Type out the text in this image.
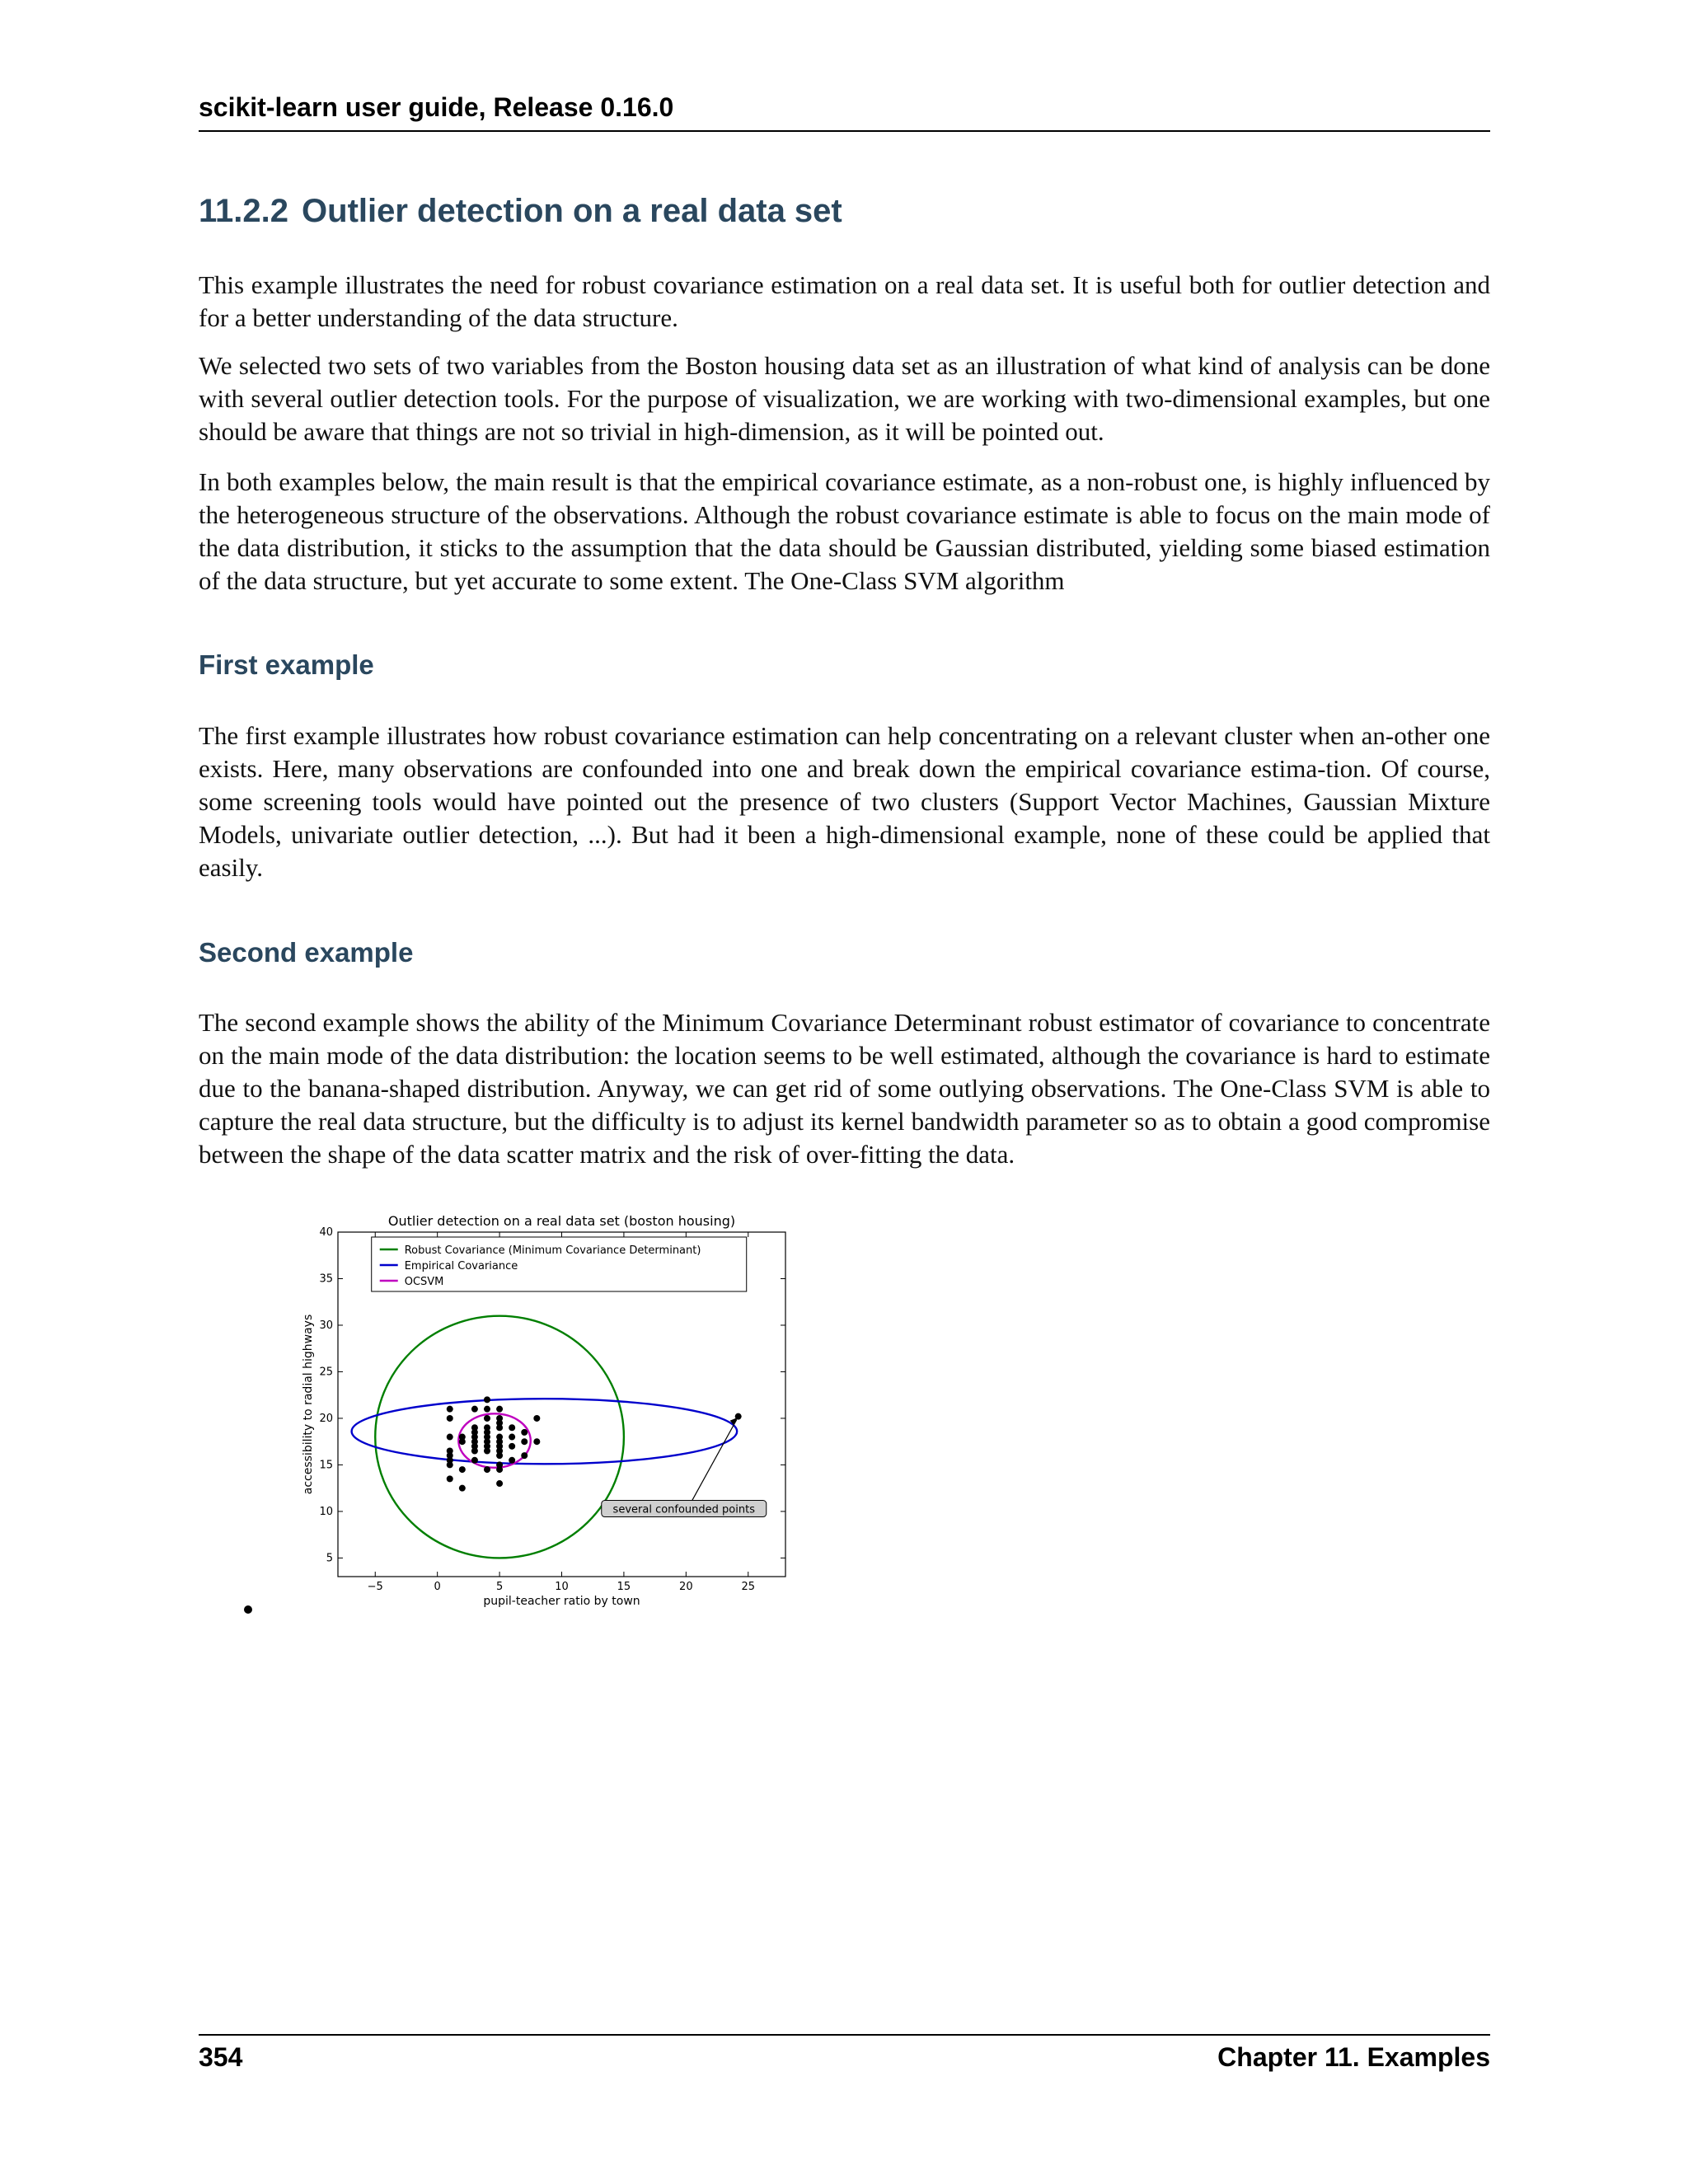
scikit-learn user guide, Release 0.16.0
11.2.2 Outlier detection on a real data set

This example illustrates the need for robust covariance estimation on a real data set. It is useful both for outlier detection and for a better understanding of the data structure.

We selected two sets of two variables from the Boston housing data set as an illustration of what kind of analysis can be done with several outlier detection tools. For the purpose of visualization, we are working with two-dimensional examples, but one should be aware that things are not so trivial in high-dimension, as it will be pointed out.

In both examples below, the main result is that the empirical covariance estimate, as a non-robust one, is highly influenced by the heterogeneous structure of the observations. Although the robust covariance estimate is able to focus on the main mode of the data distribution, it sticks to the assumption that the data should be Gaussian distributed, yielding some biased estimation of the data structure, but yet accurate to some extent. The One-Class SVM algorithm

First example

The first example illustrates how robust covariance estimation can help concentrating on a relevant cluster when an-other one exists. Here, many observations are confounded into one and break down the empirical covariance estima-tion. Of course, some screening tools would have pointed out the presence of two clusters (Support Vector Machines, Gaussian Mixture Models, univariate outlier detection, ...). But had it been a high-dimensional example, none of these could be applied that easily.

Second example

The second example shows the ability of the Minimum Covariance Determinant robust estimator of covariance to concentrate on the main mode of the data distribution: the location seems to be well estimated, although the covariance is hard to estimate due to the banana-shaped distribution. Anyway, we can get rid of some outlying observations. The One-Class SVM is able to capture the real data structure, but the difficulty is to adjust its kernel bandwidth parameter so as to obtain a good compromise between the shape of the data scatter matrix and the risk of over-fitting the data.

Outlier detection on a real data set (boston housing)
−5	0	5	10	15	20	25
5
10
15
20
25
30
35
40
pupil-teacher ratio by town
accessibility to radial highways
several confounded points
Robust Covariance (Minimum Covariance Determinant)
Empirical Covariance
OCSVM
354	Chapter 11. Examples
